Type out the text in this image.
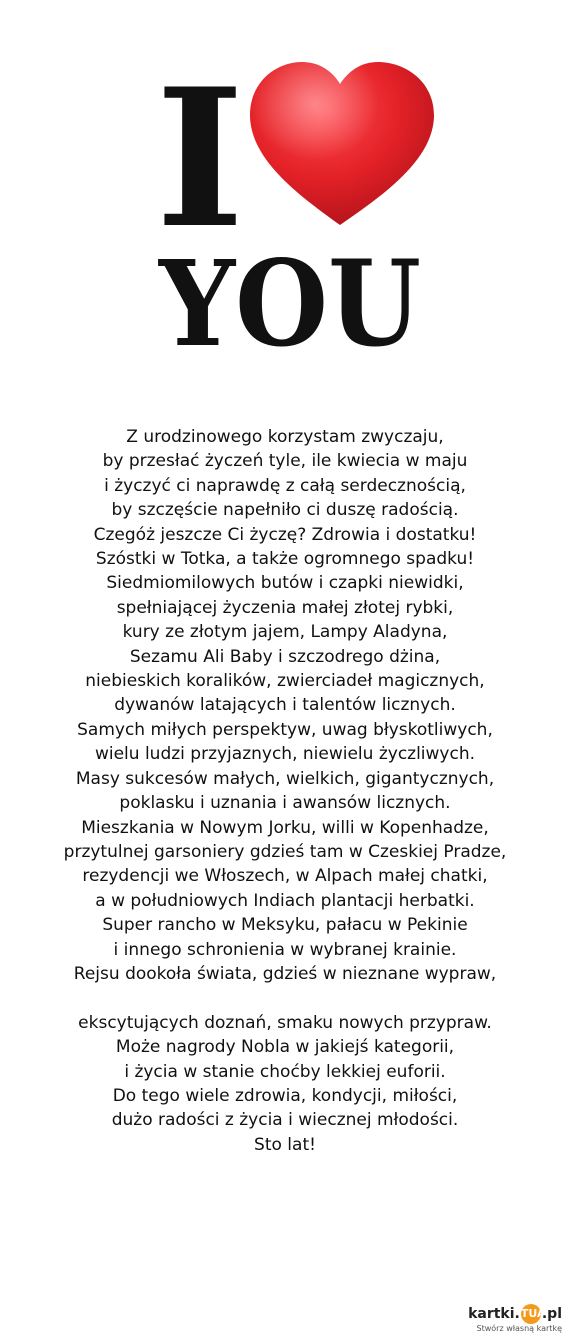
I
YOU
Z urodzinowego korzystam zwyczaju,
by przesłać życzeń tyle, ile kwiecia w maju
i życzyć ci naprawdę z całą serdecznością,
by szczęście napełniło ci duszę radością.
Czegóż jeszcze Ci życzę? Zdrowia i dostatku!
Szóstki w Totka, a także ogromnego spadku!
Siedmiomilowych butów i czapki niewidki,
spełniającej życzenia małej złotej rybki,
kury ze złotym jajem, Lampy Aladyna,
Sezamu Ali Baby i szczodrego dżina,
niebieskich koralików, zwierciadeł magicznych,
dywanów latających i talentów licznych.
Samych miłych perspektyw, uwag błyskotliwych,
wielu ludzi przyjaznych, niewielu życzliwych.
Masy sukcesów małych, wielkich, gigantycznych,
poklasku i uznania i awansów licznych.
Mieszkania w Nowym Jorku, willi w Kopenhadze,
przytulnej garsoniery gdzieś tam w Czeskiej Pradze,
rezydencji we Włoszech, w Alpach małej chatki,
a w południowych Indiach plantacji herbatki.
Super rancho w Meksyku, pałacu w Pekinie
i innego schronienia w wybranej krainie.
Rejsu dookoła świata, gdzieś w nieznane wypraw,
ekscytujących doznań, smaku nowych przypraw.
Może nagrody Nobla w jakiejś kategorii,
i życia w stanie choćby lekkiej euforii.
Do tego wiele zdrowia, kondycji, miłości,
dużo radości z życia i wiecznej młodości.
Sto lat!
kartki. TUA
.pl
Stwórz własną kartkę
